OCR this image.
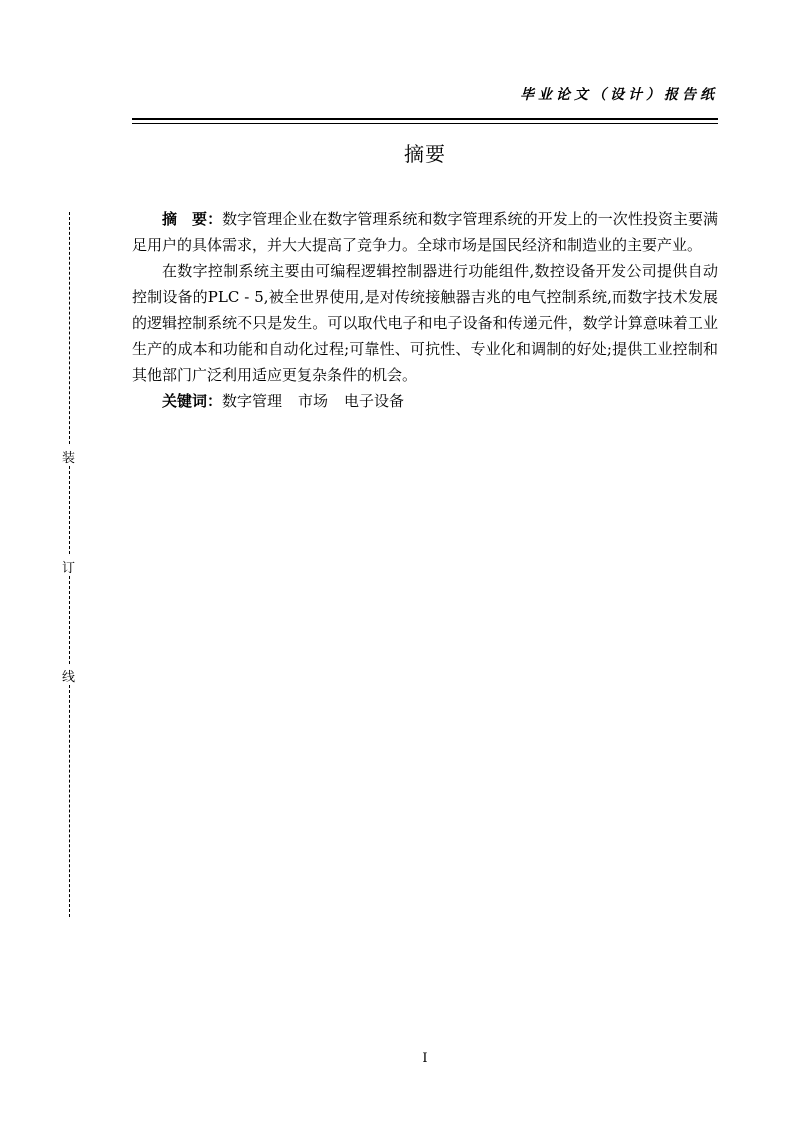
毕业论文（设计）报告纸
摘要

摘　要：数字管理企业在数字管理系统和数字管理系统的开发上的一次性投资主要满足用户的具体需求，并大大提高了竞争力。全球市场是国民经济和制造业的主要产业。

在数字控制系统主要由可编程逻辑控制器进行功能组件,数控设备开发公司提供自动控制设备的PLC - 5,被全世界使用,是对传统接触器吉兆的电气控制系统,而数字技术发展的逻辑控制系统不只是发生。可以取代电子和电子设备和传递元件，数学计算意味着工业生产的成本和功能和自动化过程;可靠性、可抗性、专业化和调制的好处;提供工业控制和其他部门广泛利用适应更复杂条件的机会。

关键词：数字管理 市场 电子设备

装
订
线
I
